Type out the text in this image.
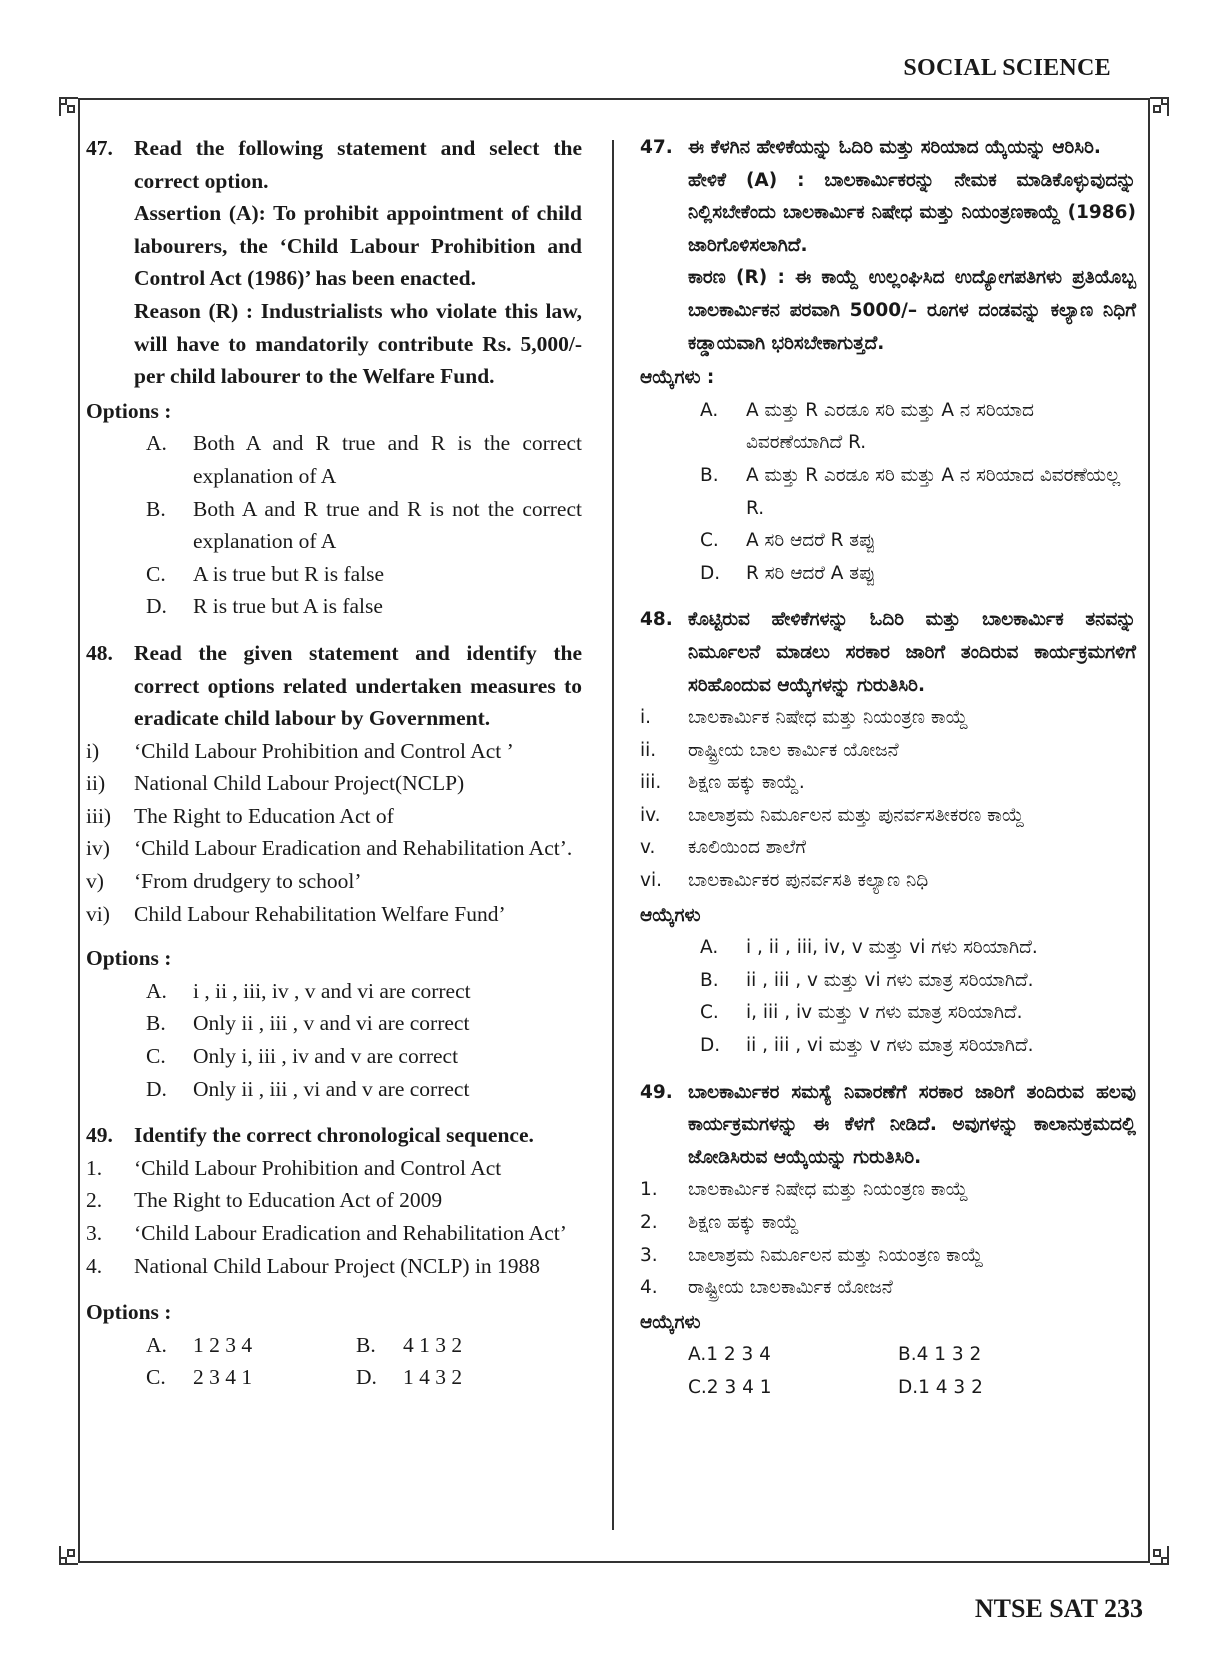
SOCIAL SCIENCE
47. Read the following statement and select the correct option.
Assertion (A): To prohibit appointment of child labourers, the ‘Child Labour Prohibition and Control Act (1986)’ has been enacted.
Reason (R) : Industrialists who violate this law, will have to mandatorily contribute Rs. 5,000/- per child labourer to the Welfare Fund.
Options :
A. Both A and R true and R is the correct explanation of A
B. Both A and R true and R is not the correct explanation of A
C. A is true but R is false
D. R is true but A is false
48. Read the given statement and identify the correct options related undertaken measures to eradicate child labour by Government.
i) ‘Child Labour Prohibition and Control Act ’
ii) National Child Labour Project(NCLP)
iii) The Right to Education Act of
iv) ‘Child Labour Eradication and Rehabilitation Act’.
v) ‘From drudgery to school’
vi) Child Labour Rehabilitation Welfare Fund’
Options :
A. i , ii , iii, iv , v and vi are correct
B. Only ii , iii , v and vi are correct
C. Only i, iii , iv and v are correct
D. Only ii , iii , vi and v are correct
49. Identify the correct chronological sequence.
1. ‘Child Labour Prohibition and Control Act
2. The Right to Education Act of 2009
3. ‘Child Labour Eradication and Rehabilitation Act’
4. National Child Labour Project (NCLP) in 1988
Options :
A. 1 2 3 4	B. 4 1 3 2
C. 2 3 4 1	D. 1 4 3 2
47. ಈ ಕೆಳಗಿನ ಹೇಳಿಕೆಯನ್ನು ಓದಿರಿ ಮತ್ತು ಸರಿಯಾದ ಯ್ಕೆಯನ್ನು ಆರಿಸಿರಿ.
ಹೇಳಿಕೆ (A) : ಬಾಲಕಾರ್ಮಿಕರನ್ನು ನೇಮಕ ಮಾಡಿಕೊಳ್ಳುವುದನ್ನು ನಿಲ್ಲಿಸಬೇಕೆಂದು ಬಾಲಕಾರ್ಮಿಕ ನಿಷೇಧ ಮತ್ತು ನಿಯಂತ್ರಣಕಾಯ್ದೆ (1986) ಜಾರಿಗೊಳಿಸಲಾಗಿದೆ.
ಕಾರಣ (R) : ಈ ಕಾಯ್ದೆ ಉಲ್ಲಂಘಿಸಿದ ಉದ್ಯೋಗಪತಿಗಳು ಪ್ರತಿಯೊಬ್ಬ ಬಾಲಕಾರ್ಮಿಕನ ಪರವಾಗಿ 5000/– ರೂಗಳ ದಂಡವನ್ನು ಕಲ್ಯಾಣ ನಿಧಿಗೆ ಕಡ್ಡಾಯವಾಗಿ ಭರಿಸಬೇಕಾಗುತ್ತದೆ.
ಆಯ್ಕೆಗಳು :
A. A ಮತ್ತು R ಎರಡೂ ಸರಿ ಮತ್ತು A ನ ಸರಿಯಾದ ವಿವರಣೆಯಾಗಿದೆ R.
B. A ಮತ್ತು R ಎರಡೂ ಸರಿ ಮತ್ತು A ನ ಸರಿಯಾದ ವಿವರಣೆಯಲ್ಲ R.
C. A ಸರಿ ಆದರೆ R ತಪ್ಪು
D. R ಸರಿ ಆದರೆ A ತಪ್ಪು
48. ಕೊಟ್ಟಿರುವ ಹೇಳಿಕೆಗಳನ್ನು ಓದಿರಿ ಮತ್ತು ಬಾಲಕಾರ್ಮಿಕ ತನವನ್ನು ನಿರ್ಮೂಲನೆ ಮಾಡಲು ಸರಕಾರ ಜಾರಿಗೆ ತಂದಿರುವ ಕಾರ್ಯಕ್ರಮಗಳಿಗೆ ಸರಿಹೊಂದುವ ಆಯ್ಕೆಗಳನ್ನು ಗುರುತಿಸಿರಿ.
i. ಬಾಲಕಾರ್ಮಿಕ ನಿಷೇಧ ಮತ್ತು ನಿಯಂತ್ರಣ ಕಾಯ್ದೆ
ii. ರಾಷ್ಟ್ರೀಯ ಬಾಲ ಕಾರ್ಮಿಕ ಯೋಜನೆ
iii. ಶಿಕ್ಷಣ ಹಕ್ಕು ಕಾಯ್ದೆ.
iv. ಬಾಲಾಶ್ರಮ ನಿರ್ಮೂಲನ ಮತ್ತು ಪುನರ್ವಸತೀಕರಣ ಕಾಯ್ದೆ
v. ಕೂಲಿಯಿಂದ ಶಾಲೆಗೆ
vi. ಬಾಲಕಾರ್ಮಿಕರ ಪುನರ್ವಸತಿ ಕಲ್ಯಾಣ ನಿಧಿ
ಆಯ್ಕೆಗಳು
A. i , ii , iii, iv, v ಮತ್ತು vi ಗಳು ಸರಿಯಾಗಿದೆ.
B. ii , iii , v ಮತ್ತು vi ಗಳು ಮಾತ್ರ ಸರಿಯಾಗಿದೆ.
C. i, iii , iv ಮತ್ತು v ಗಳು ಮಾತ್ರ ಸರಿಯಾಗಿದೆ.
D. ii , iii , vi ಮತ್ತು v ಗಳು ಮಾತ್ರ ಸರಿಯಾಗಿದೆ.
49. ಬಾಲಕಾರ್ಮಿಕರ ಸಮಸ್ಯೆ ನಿವಾರಣೆಗೆ ಸರಕಾರ ಜಾರಿಗೆ ತಂದಿರುವ ಹಲವು ಕಾರ್ಯಕ್ರಮಗಳನ್ನು ಈ ಕೆಳಗೆ ನೀಡಿದೆ. ಅವುಗಳನ್ನು ಕಾಲಾನುಕ್ರಮದಲ್ಲಿ ಜೋಡಿಸಿರುವ ಆಯ್ಕೆಯನ್ನು ಗುರುತಿಸಿರಿ.
1. ಬಾಲಕಾರ್ಮಿಕ ನಿಷೇಧ ಮತ್ತು ನಿಯಂತ್ರಣ ಕಾಯ್ದೆ
2. ಶಿಕ್ಷಣ ಹಕ್ಕು ಕಾಯ್ದೆ
3. ಬಾಲಾಶ್ರಮ ನಿರ್ಮೂಲನ ಮತ್ತು ನಿಯಂತ್ರಣ ಕಾಯ್ದೆ
4. ರಾಷ್ಟ್ರೀಯ ಬಾಲಕಾರ್ಮಿಕ ಯೋಜನೆ
ಆಯ್ಕೆಗಳು
A.1 2 3 4	B.4 1 3 2
C.2 3 4 1	D.1 4 3 2
NTSE SAT 233
